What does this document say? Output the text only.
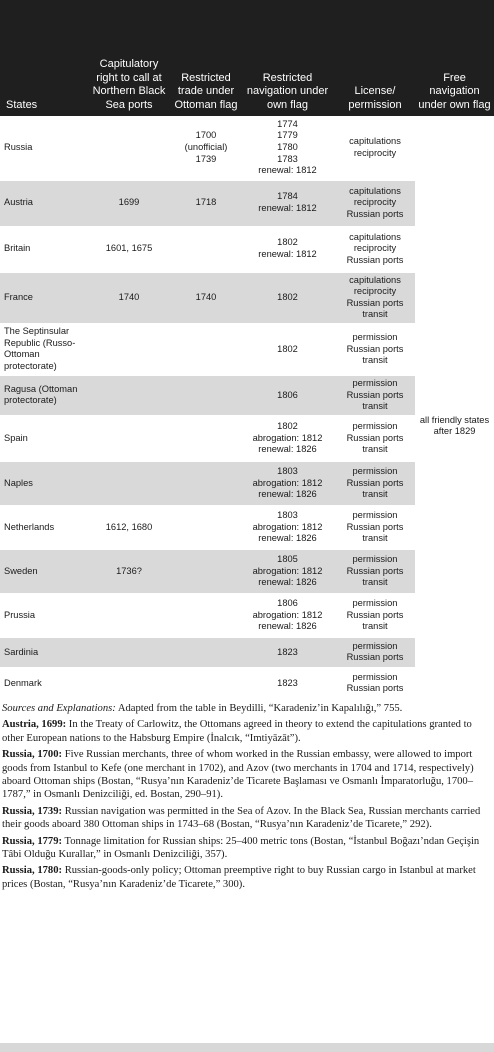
States	Capitulatory right to call at Northern Black Sea ports	Restricted trade under Ottoman flag	Restricted navigation under own flag	License/ permission	Free navigation under own flag
Russia		1700
(unofficial)
1739	1774
1779
1780
1783
renewal: 1812	capitulations
reciprocity	all friendly states after 1829
Austria	1699	1718	1784
renewal: 1812	capitulations
reciprocity
Russian ports	
Britain	1601, 1675		1802
renewal: 1812	capitulations
reciprocity
Russian ports	
France	1740	1740	1802	capitulations
reciprocity
Russian ports
transit	
The Septinsular Republic (Russo-Ottoman protectorate)			1802	permission
Russian ports
transit	
Ragusa (Ottoman protectorate)			1806	permission
Russian ports
transit	
Spain			1802
abrogation: 1812
renewal: 1826	permission
Russian ports
transit	
Naples			1803
abrogation: 1812
renewal: 1826	permission
Russian ports
transit	
Netherlands	1612, 1680		1803
abrogation: 1812
renewal: 1826	permission
Russian ports
transit	
Sweden	1736?		1805
abrogation: 1812
renewal: 1826	permission
Russian ports
transit	
Prussia			1806
abrogation: 1812
renewal: 1826	permission
Russian ports
transit	
Sardinia			1823	permission
Russian ports	
Denmark			1823	permission
Russian ports	

Sources and Explanations: Adapted from the table in Beydilli, “Karadeniz’in Kapalılığı,” 755.

Austria, 1699: In the Treaty of Carlowitz, the Ottomans agreed in theory to extend the capitulations granted to other European nations to the Habsburg Empire (İnalcık, “Imtiyāzāt”).

Russia, 1700: Five Russian merchants, three of whom worked in the Russian embassy, were allowed to import goods from Istanbul to Kefe (one merchant in 1702), and Azov (two merchants in 1704 and 1714, respectively) aboard Ottoman ships (Bostan, “Rusya’nın Karadeniz’de Ticarete Başlaması ve Osmanlı İmparatorluğu, 1700–1787,” in Osmanlı Denizciliği, ed. Bostan, 290–91).

Russia, 1739: Russian navigation was permitted in the Sea of Azov. In the Black Sea, Russian merchants carried their goods aboard 380 Ottoman ships in 1743–68 (Bostan, “Rusya’nın Karadeniz’de Ticarete,” 292).

Russia, 1779: Tonnage limitation for Russian ships: 25–400 metric tons (Bostan, “İstanbul Boğazı’ndan Geçişin Tâbi Olduğu Kurallar,” in Osmanlı Denizciliği, 357).

Russia, 1780: Russian-goods-only policy; Ottoman preemptive right to buy Russian cargo in Istanbul at market prices (Bostan, “Rusya’nın Karadeniz’de Ticarete,” 300).
